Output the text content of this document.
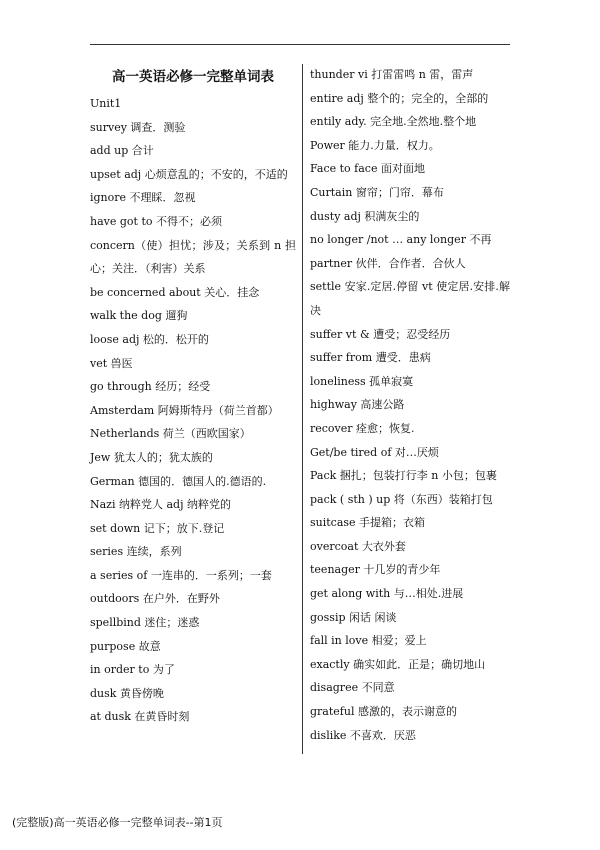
高一英语必修一完整单词表
Unit1
survey 调查．测验
add up 合计
upset adj 心烦意乱的；不安的，不适的
ignore 不理睬．忽视
have got to 不得不；必须
concern（使）担忧；涉及；关系到 n 担心；关注．（利害）关系
be concerned about 关心．挂念
walk the dog 遛狗
loose adj 松的．松开的
vet 兽医
go through 经历；经受
Amsterdam 阿姆斯特丹（荷兰首都）
Netherlands 荷兰（西欧国家）
Jew 犹太人的；犹太族的
German 德国的．德国人的.德语的.
Nazi 纳粹党人 adj 纳粹党的
set down 记下；放下.登记
series 连续，系列
a series of 一连串的．一系列；一套
outdoors 在户外．在野外
spellbind 迷住；迷惑
purpose 故意
in order to 为了
dusk 黄昏傍晚
at dusk 在黄昏时刻
thunder vi 打雷雷鸣 n 雷，雷声
entire adj 整个的；完全的，全部的
entily ady. 完全地.全然地.整个地
Power 能力.力量．权力。
Face to face 面对面地
Curtain 窗帘；门帘．幕布
dusty adj 积满灰尘的
no longer /not … any longer 不再
partner 伙伴．合作者．合伙人
settle 安家.定居.停留 vt 使定居.安排.解决
suffer vt & 遭受；忍受经历
suffer from 遭受．患病
loneliness 孤单寂寞
highway 高速公路
recover 痊愈；恢复.
Get/be tired of 对…厌烦
Pack 捆扎；包装打行李 n 小包；包裹
pack ( sth ) up 将（东西）装箱打包
suitcase 手提箱；衣箱
overcoat 大衣外套
teenager 十几岁的青少年
get along with 与…相处.进展
gossip 闲话 闲谈
fall in love 相爱；爱上
exactly 确实如此．正是；确切地山
disagree 不同意
grateful 感激的，表示谢意的
dislike 不喜欢．厌恶
(完整版)高一英语必修一完整单词表--第1页
